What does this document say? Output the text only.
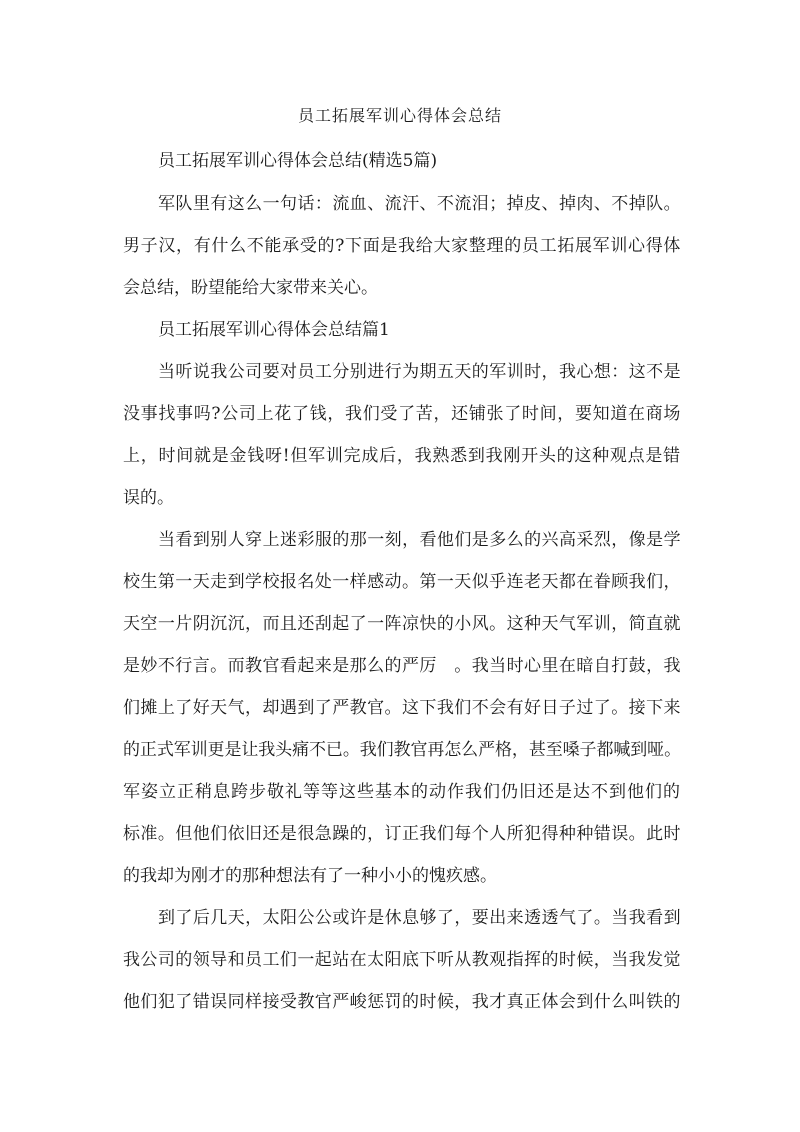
员工拓展军训心得体会总结

员工拓展军训心得体会总结(精选5篇)

军队里有这么一句话：流血、流汗、不流泪；掉皮、掉肉、不掉队。

男子汉，有什么不能承受的?下面是我给大家整理的员工拓展军训心得体

会总结，盼望能给大家带来关心。

员工拓展军训心得体会总结篇1

当听说我公司要对员工分别进行为期五天的军训时，我心想：这不是

没事找事吗?公司上花了钱，我们受了苦，还铺张了时间，要知道在商场

上，时间就是金钱呀!但军训完成后，我熟悉到我刚开头的这种观点是错

误的。

当看到别人穿上迷彩服的那一刻，看他们是多么的兴高采烈，像是学

校生第一天走到学校报名处一样感动。第一天似乎连老天都在眷顾我们，

天空一片阴沉沉，而且还刮起了一阵凉快的小风。这种天气军训，简直就

是妙不行言。而教官看起来是那么的严厉　。我当时心里在暗自打鼓，我

们摊上了好天气，却遇到了严教官。这下我们不会有好日子过了。接下来

的正式军训更是让我头痛不已。我们教官再怎么严格，甚至嗓子都喊到哑。

军姿立正稍息跨步敬礼等等这些基本的动作我们仍旧还是达不到他们的

标准。但他们依旧还是很急躁的，订正我们每个人所犯得种种错误。此时

的我却为刚才的那种想法有了一种小小的愧疚感。

到了后几天，太阳公公或许是休息够了，要出来透透气了。当我看到

我公司的领导和员工们一起站在太阳底下听从教观指挥的时候，当我发觉

他们犯了错误同样接受教官严峻惩罚的时候，我才真正体会到什么叫铁的
